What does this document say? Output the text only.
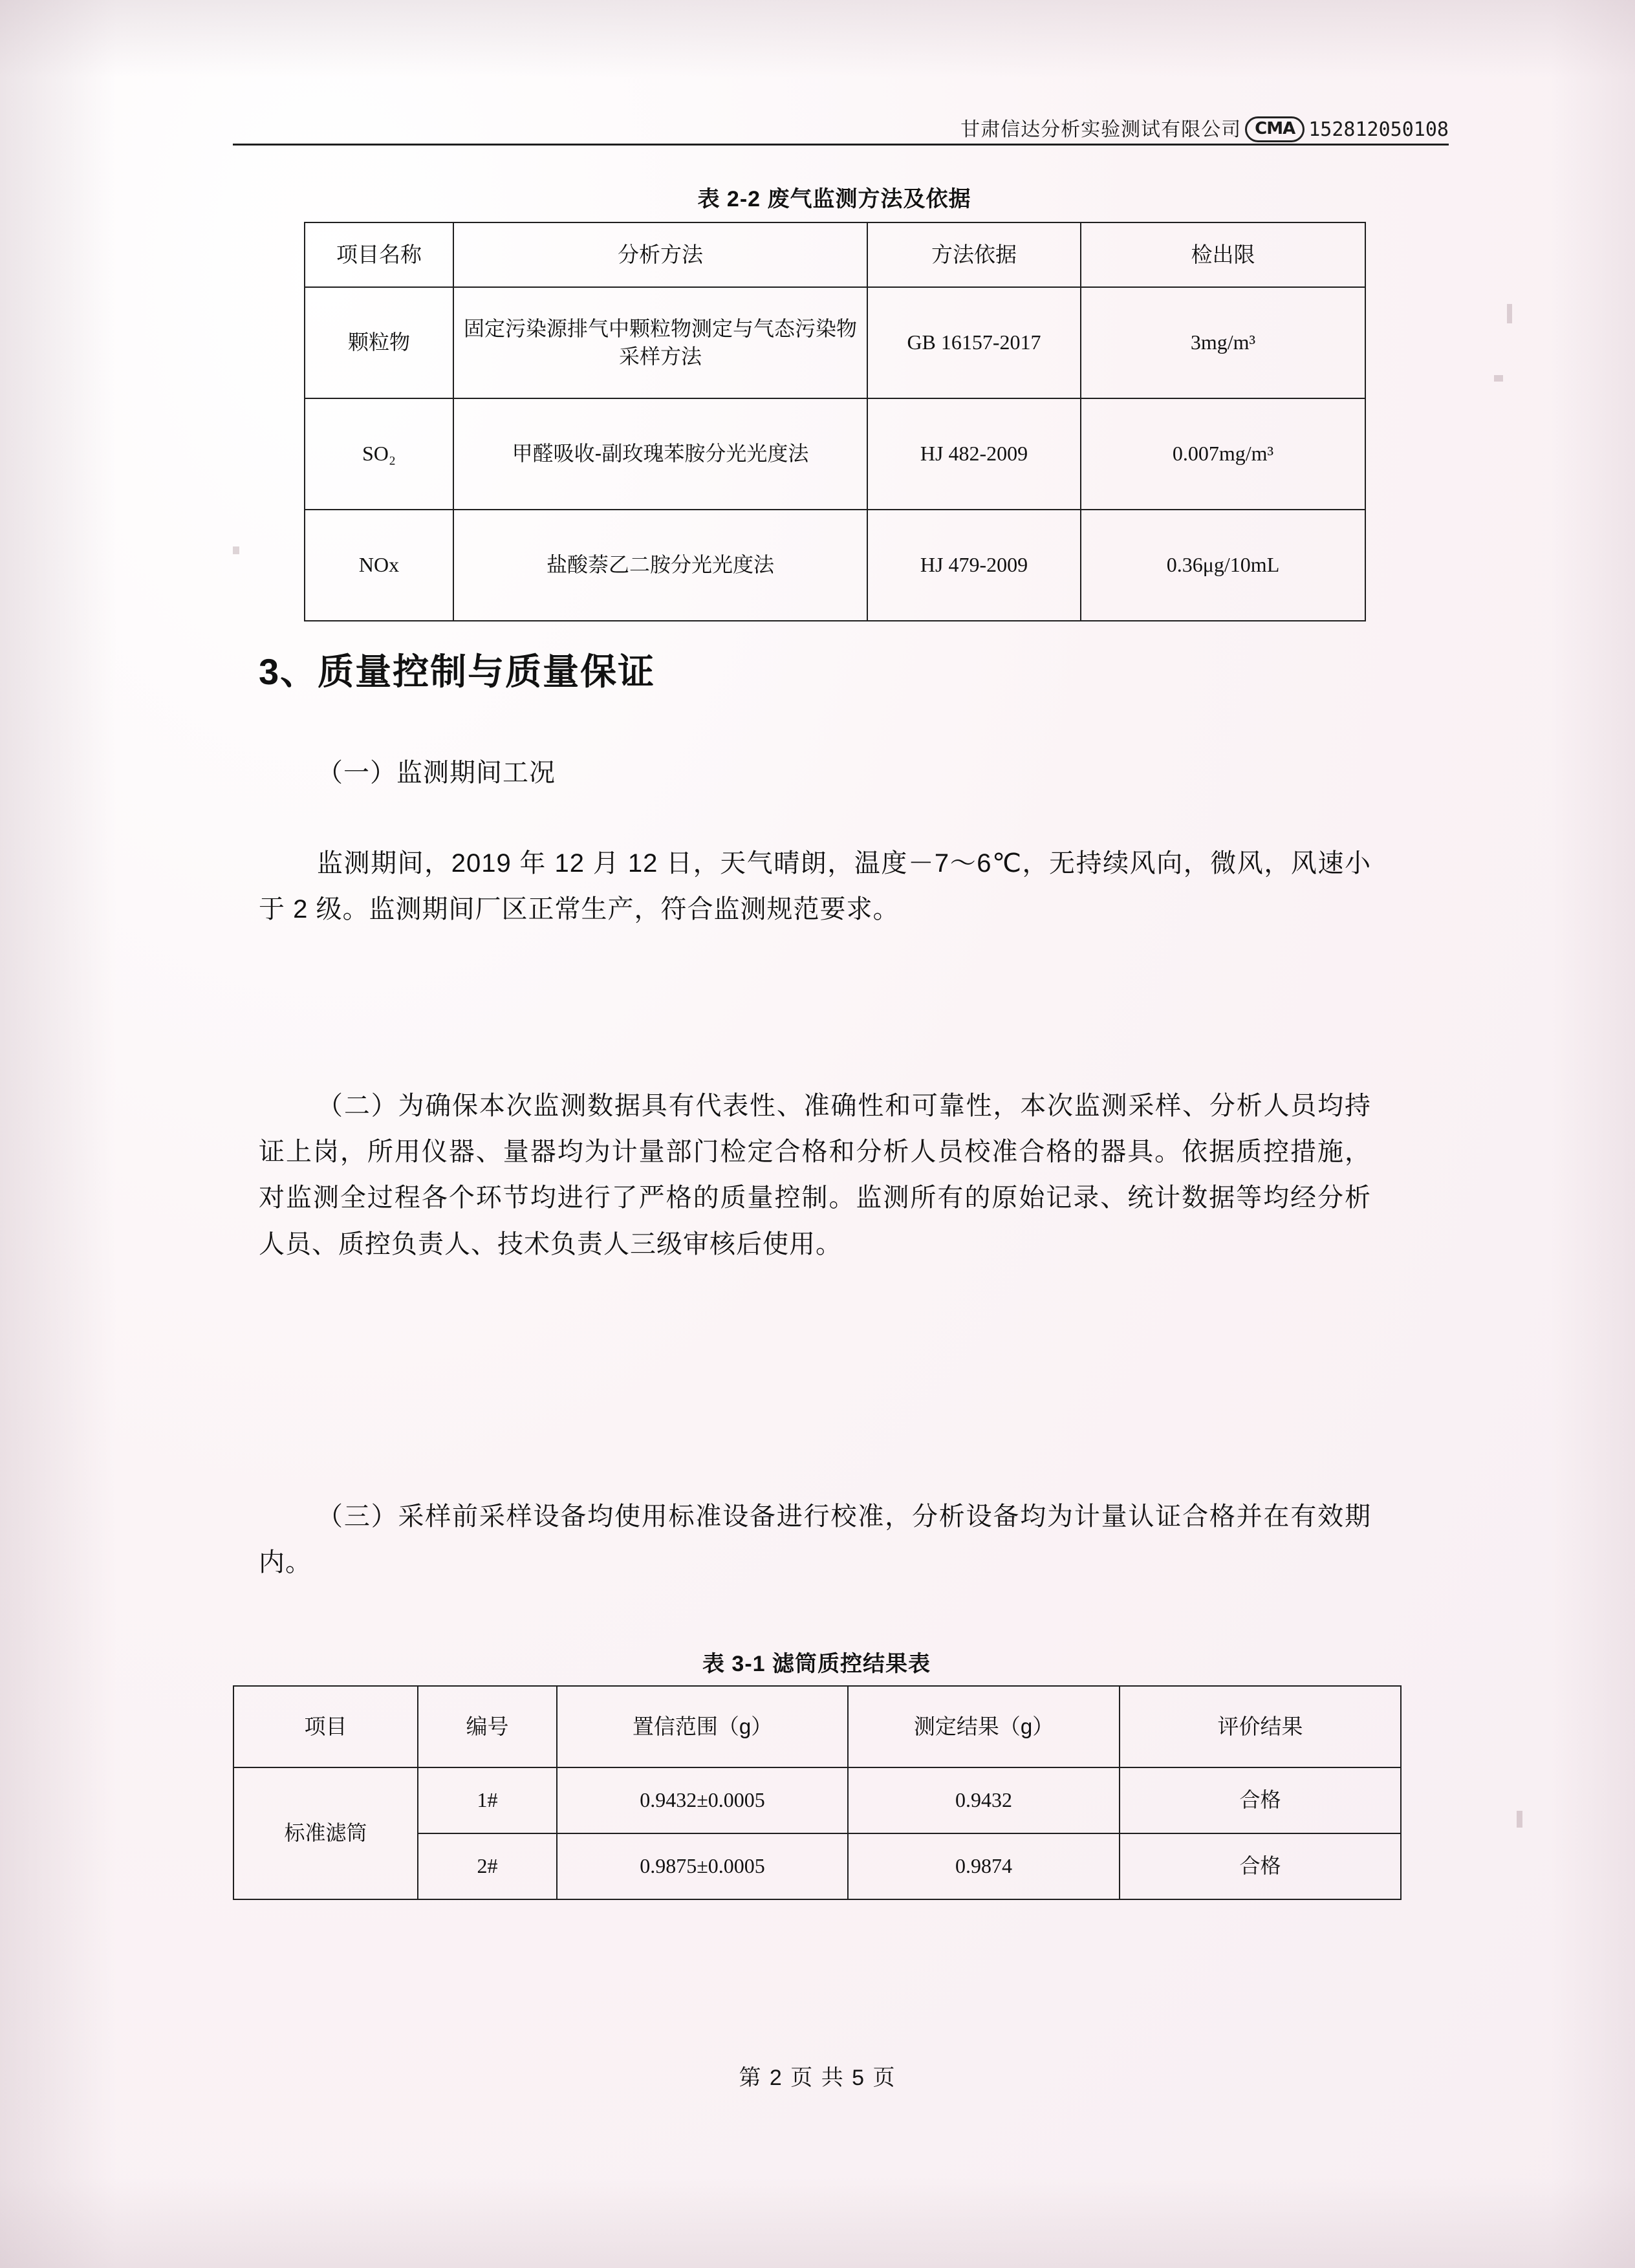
甘肃信达分析实验测试有限公司 CMA 152812050108
表 2-2 废气监测方法及依据
项目名称	分析方法	方法依据	检出限
颗粒物	固定污染源排气中颗粒物测定与气态污染物采样方法	GB 16157-2017	3mg/m³
SO₂	甲醛吸收-副玫瑰苯胺分光光度法	HJ 482-2009	0.007mg/m³
NOx	盐酸萘乙二胺分光光度法	HJ 479-2009	0.36μg/10mL
3、质量控制与质量保证
（一）监测期间工况
监测期间，2019 年 12 月 12 日，天气晴朗，温度－7～6℃，无持续风向，微风，风速小于 2 级。监测期间厂区正常生产，符合监测规范要求。
（二）为确保本次监测数据具有代表性、准确性和可靠性，本次监测采样、分析人员均持证上岗，所用仪器、量器均为计量部门检定合格和分析人员校准合格的器具。依据质控措施，对监测全过程各个环节均进行了严格的质量控制。监测所有的原始记录、统计数据等均经分析人员、质控负责人、技术负责人三级审核后使用。
（三）采样前采样设备均使用标准设备进行校准，分析设备均为计量认证合格并在有效期内。
表 3-1 滤筒质控结果表
项目	编号	置信范围（g）	测定结果（g）	评价结果
标准滤筒	1#	0.9432±0.0005	0.9432	合格
	2#	0.9875±0.0005	0.9874	合格
第 2 页 共 5 页
